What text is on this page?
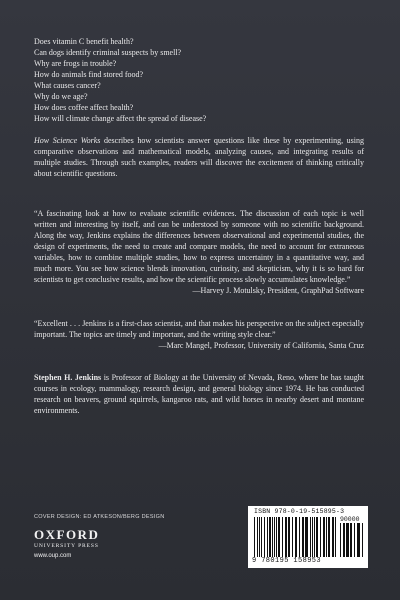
Does vitamin C benefit health?
Can dogs identify criminal suspects by smell?
Why are frogs in trouble?
How do animals find stored food?
What causes cancer?
Why do we age?
How does coffee affect health?
How will climate change affect the spread of disease?
How Science Works describes how scientists answer questions like these by experimenting, using comparative observations and mathematical models, analyzing causes, and integrating results of multiple studies. Through such examples, readers will discover the excitement of thinking critically about scientific questions.
“A fascinating look at how to evaluate scientific evidences. The discussion of each topic is well written and interesting by itself, and can be understood by someone with no scientific background. Along the way, Jenkins explains the differences between observational and experimental studies, the design of experiments, the need to create and compare models, the need to account for extraneous variables, how to combine multiple studies, how to express uncertainty in a quantitative way, and much more. You see how science blends innovation, curiosity, and skepticism, why it is so hard for scientists to get conclusive results, and how the scientific process slowly accumulates knowledge.”
—Harvey J. Motulsky, President, GraphPad Software
“Excellent . . . Jenkins is a first-class scientist, and that makes his perspective on the subject especially important. The topics are timely and important, and the writing style clear.”
—Marc Mangel, Professor, University of California, Santa Cruz
Stephen H. Jenkins is Professor of Biology at the University of Nevada, Reno, where he has taught courses in ecology, mammalogy, research design, and general biology since 1974. He has conducted research on beavers, ground squirrels, kangaroo rats, and wild horses in nearby desert and montane environments.
COVER DESIGN: ED ATKESON/BERG DESIGN
OXFORD
UNIVERSITY PRESS
www.oup.com
ISBN 978-0-19-515895-3
90000
9 780195 158953
